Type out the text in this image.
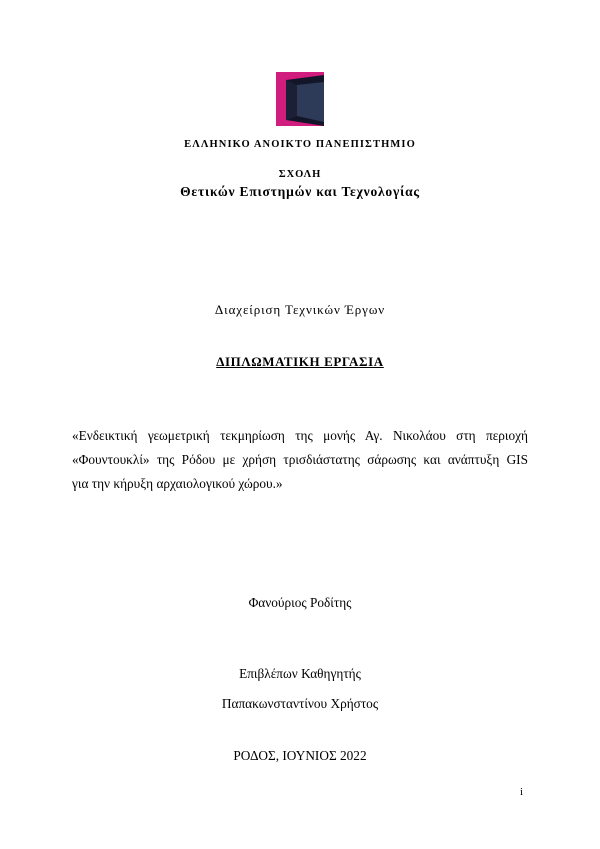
ΕΛΛΗΝΙΚΟ ΑΝΟΙΚΤΟ ΠΑΝΕΠΙΣΤΗΜΙΟ
ΣΧΟΛΗ
Θετικών Επιστημών και Τεχνολογίας
Διαχείριση Τεχνικών Έργων
ΔΙΠΛΩΜΑΤΙΚΗ ΕΡΓΑΣΙΑ
«Ενδεικτική γεωμετρική τεκμηρίωση της μονής Αγ. Νικολάου στη περιοχή
«Φουντουκλί» της Ρόδου με χρήση τρισδιάστατης σάρωσης και ανάπτυξη GIS
για την κήρυξη αρχαιολογικού χώρου.»
Φανούριος Ροδίτης
Επιβλέπων Καθηγητής
Παπακωνσταντίνου Χρήστος
ΡΟΔΟΣ, ΙΟΥΝΙΟΣ 2022
i
